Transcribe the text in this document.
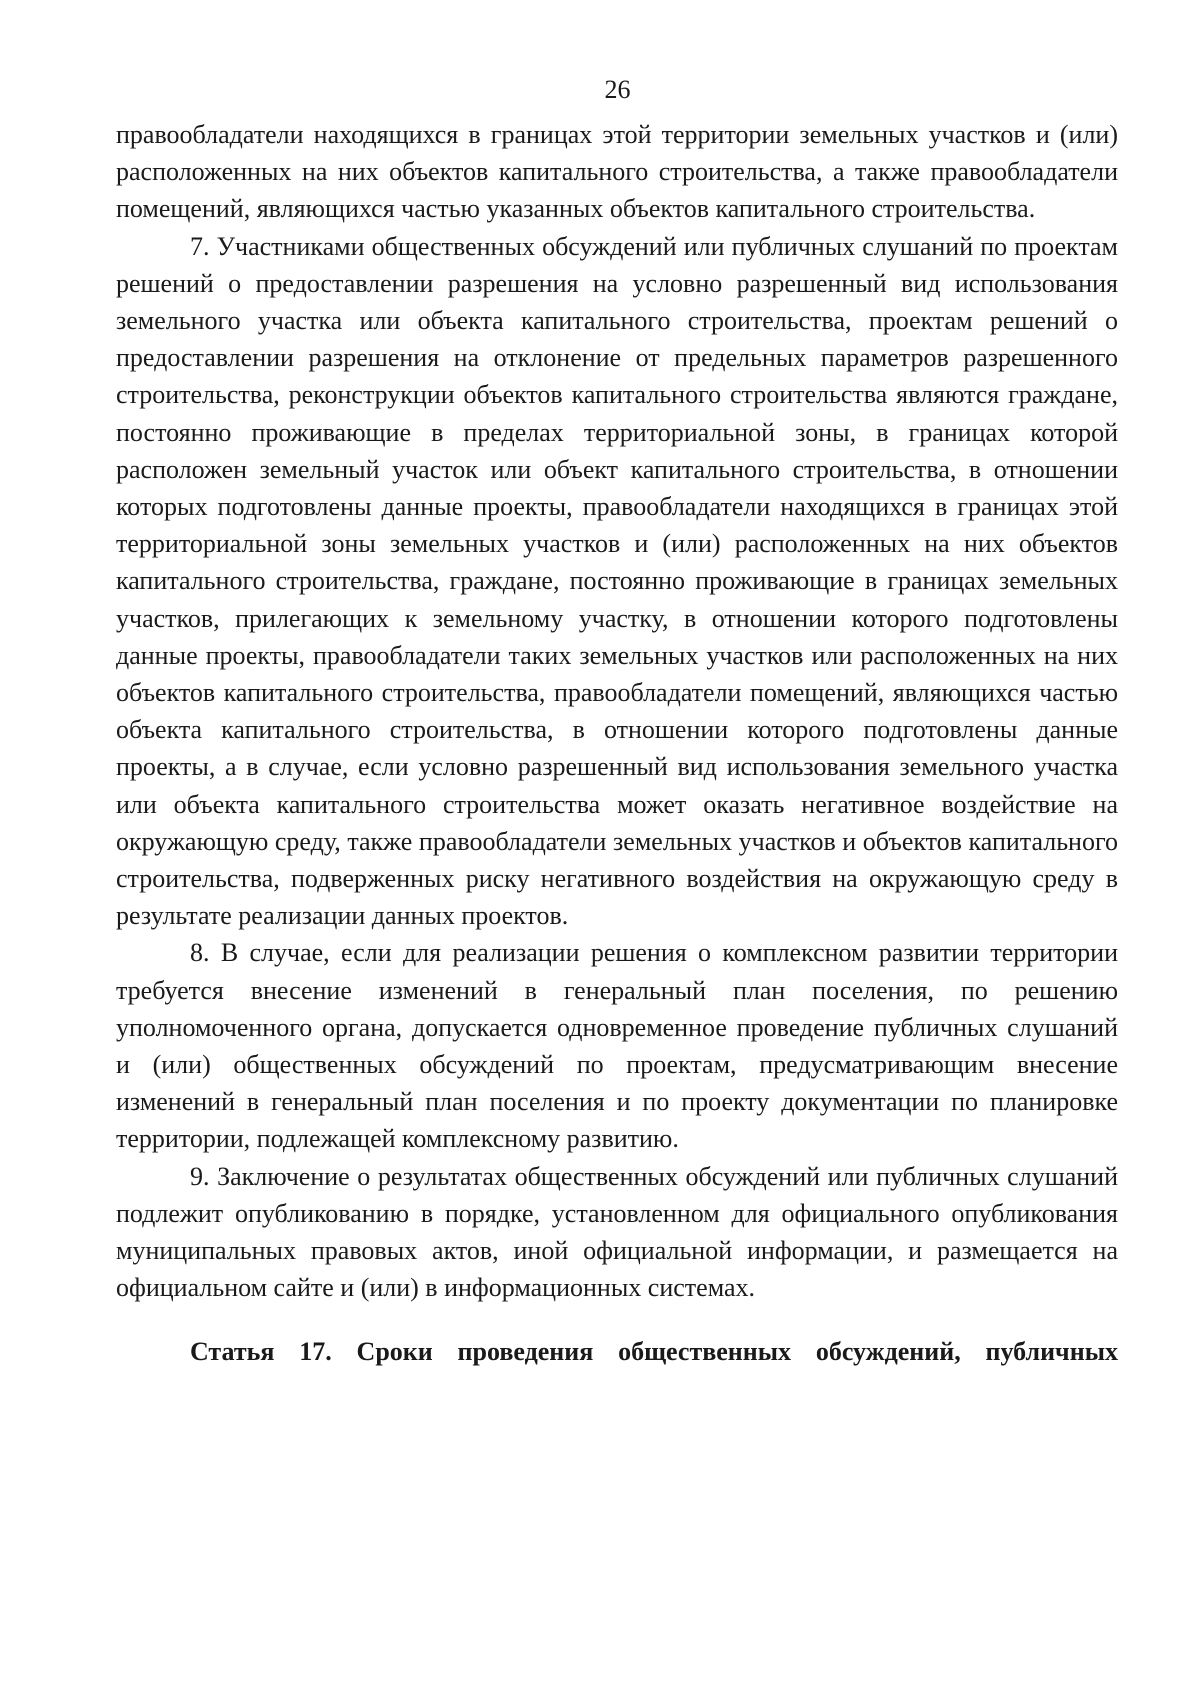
26

правообладатели находящихся в границах этой территории земельных участков и (или) расположенных на них объектов капитального строительства, а также правообладатели помещений, являющихся частью указанных объектов капитального строительства.

7. Участниками общественных обсуждений или публичных слушаний по проектам решений о предоставлении разрешения на условно разрешенный вид использования земельного участка или объекта капитального строительства, проектам решений о предоставлении разрешения на отклонение от предельных параметров разрешенного строительства, реконструкции объектов капитального строительства являются граждане, постоянно проживающие в пределах территориальной зоны, в границах которой расположен земельный участок или объект капитального строительства, в отношении которых подготовлены данные проекты, правообладатели находящихся в границах этой территориальной зоны земельных участков и (или) расположенных на них объектов капитального строительства, граждане, постоянно проживающие в границах земельных участков, прилегающих к земельному участку, в отношении которого подготовлены данные проекты, правообладатели таких земельных участков или расположенных на них объектов капитального строительства, правообладатели помещений, являющихся частью объекта капитального строительства, в отношении которого подготовлены данные проекты, а в случае, если условно разрешенный вид использования земельного участка или объекта капитального строительства может оказать негативное воздействие на окружающую среду, также правообладатели земельных участков и объектов капитального строительства, подверженных риску негативного воздействия на окружающую среду в результате реализации данных проектов.

8. В случае, если для реализации решения о комплексном развитии территории требуется внесение изменений в генеральный план поселения, по решению уполномоченного органа, допускается одновременное проведение публичных слушаний и (или) общественных обсуждений по проектам, предусматривающим внесение изменений в генеральный план поселения и по проекту документации по планировке территории, подлежащей комплексному развитию.

9. Заключение о результатах общественных обсуждений или публичных слушаний подлежит опубликованию в порядке, установленном для официального опубликования муниципальных правовых актов, иной официальной информации, и размещается на официальном сайте и (или) в информационных системах.

Статья 17. Сроки проведения общественных обсуждений, публичных
